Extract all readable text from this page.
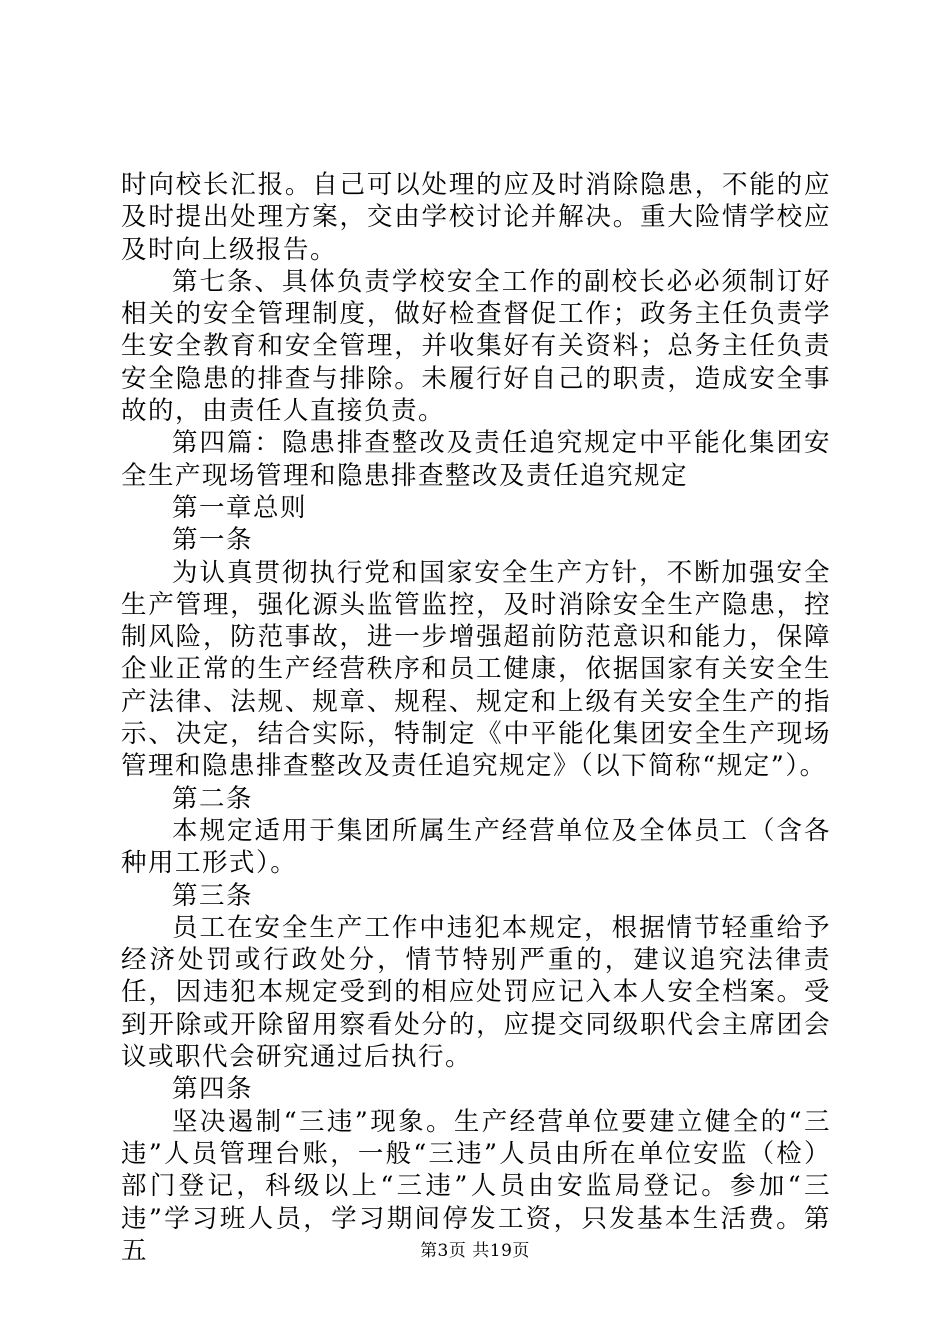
时向校长汇报。自己可以处理的应及时消除隐患，不能的应及时提出处理方案，交由学校讨论并解决。重大险情学校应及时向上级报告。

第七条、具体负责学校安全工作的副校长必必须制订好相关的安全管理制度，做好检查督促工作；政务主任负责学生安全教育和安全管理，并收集好有关资料；总务主任负责安全隐患的排查与排除。未履行好自己的职责，造成安全事故的，由责任人直接负责。

第四篇：隐患排查整改及责任追究规定中平能化集团安全生产现场管理和隐患排查整改及责任追究规定

第一章总则

第一条

为认真贯彻执行党和国家安全生产方针，不断加强安全生产管理，强化源头监管监控，及时消除安全生产隐患，控制风险，防范事故，进一步增强超前防范意识和能力，保障企业正常的生产经营秩序和员工健康，依据国家有关安全生产法律、法规、规章、规程、规定和上级有关安全生产的指示、决定，结合实际，特制定《中平能化集团安全生产现场管理和隐患排查整改及责任追究规定》（以下简称“规定”）。

第二条

本规定适用于集团所属生产经营单位及全体员工（含各种用工形式）。

第三条

员工在安全生产工作中违犯本规定，根据情节轻重给予经济处罚或行政处分，情节特别严重的，建议追究法律责任，因违犯本规定受到的相应处罚应记入本人安全档案。受到开除或开除留用察看处分的，应提交同级职代会主席团会议或职代会研究通过后执行。

第四条

坚决遏制“三违”现象。生产经营单位要建立健全的“三违”人员管理台账，一般“三违”人员由所在单位安监（检）部门登记，科级以上“三违”人员由安监局登记。参加“三违”学习班人员，学习期间停发工资，只发基本生活费。第五	第3页 共19页
